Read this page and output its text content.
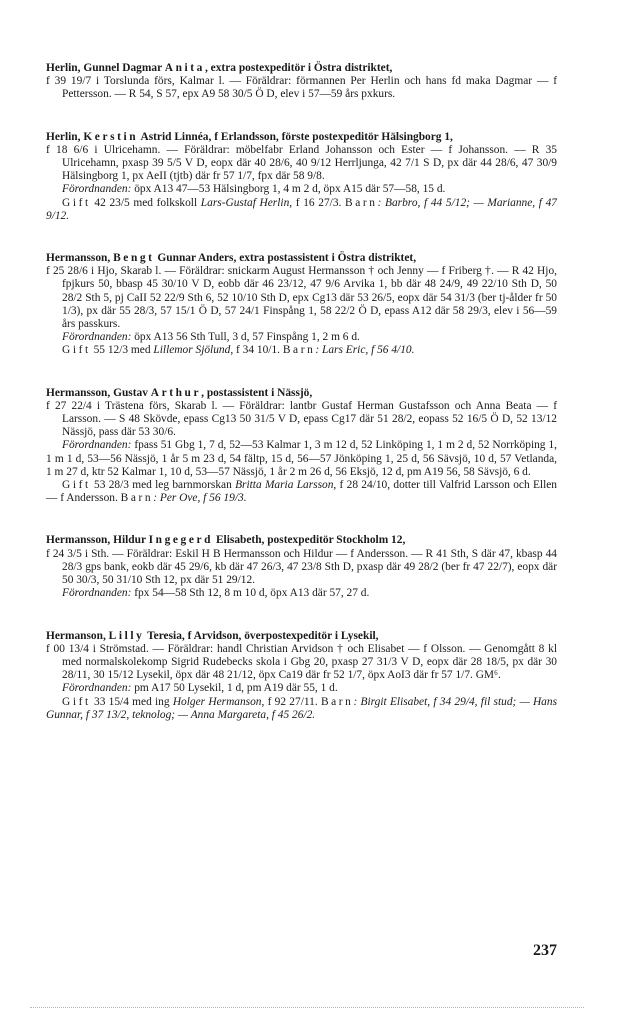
Herlin, Gunnel Dagmar Anita, extra postexpeditör i Östra distriktet,

f 39 19/7 i Torslunda förs, Kalmar l. — Föräldrar: förmannen Per Herlin och hans fd maka Dagmar — f Pettersson. — R 54, S 57, epx A9 58 30/5 Ö D, elev i 57—59 års pxkurs.

Herlin, Kerstin Astrid Linnéa, f Erlandsson, förste postexpeditör Hälsingborg 1,

f 18 6/6 i Ulricehamn. — Föräldrar: möbelfabr Erland Johansson och Ester — f Johansson. — R 35 Ulricehamn, pxasp 39 5/5 V D, eopx där 40 28/6, 40 9/12 Herrljunga, 42 7/1 S D, px där 44 28/6, 47 30/9 Hälsingborg 1, px AeII (tjtb) där fr 57 1/7, fpx där 58 9/8.

Förordnanden: öpx A13 47—53 Hälsingborg 1, 4 m 2 d, öpx A15 där 57—58, 15 d.

Gift 42 23/5 med folkskoll Lars-Gustaf Herlin, f 16 27/3. Barn: Barbro, f 44 5/12; — Marianne, f 47 9/12.

Hermansson, Bengt Gunnar Anders, extra postassistent i Östra distriktet,

f 25 28/6 i Hjo, Skarab l. — Föräldrar: snickarm August Hermansson † och Jenny — f Friberg †. — R 42 Hjo, fpjkurs 50, bbasp 45 30/10 V D, eobb där 46 23/12, 47 9/6 Arvika 1, bb där 48 24/9, 49 22/10 Sth D, 50 28/2 Sth 5, pj CaII 52 22/9 Sth 6, 52 10/10 Sth D, epx Cg13 där 53 26/5, eopx där 54 31/3 (ber tj-ålder fr 50 1/3), px där 55 28/3, 57 15/1 Ö D, 57 24/1 Finspång 1, 58 22/2 Ö D, epass A12 där 58 29/3, elev i 56—59 års passkurs.

Förordnanden: öpx A13 56 Sth Tull, 3 d, 57 Finspång 1, 2 m 6 d.

Gift 55 12/3 med Lillemor Sjölund, f 34 10/1. Barn: Lars Eric, f 56 4/10.

Hermansson, Gustav Arthur, postassistent i Nässjö,

f 27 22/4 i Trästena förs, Skarab l. — Föräldrar: lantbr Gustaf Herman Gustafsson och Anna Beata — f Larsson. — S 48 Skövde, epass Cg13 50 31/5 V D, epass Cg17 där 51 28/2, eopass 52 16/5 Ö D, 52 13/12 Nässjö, pass där 53 30/6.

Förordnanden: fpass 51 Gbg 1, 7 d, 52—53 Kalmar 1, 3 m 12 d, 52 Linköping 1, 1 m 2 d, 52 Norrköping 1, 1 m 1 d, 53—56 Nässjö, 1 år 5 m 23 d, 54 fältp, 15 d, 56—57 Jönköping 1, 25 d, 56 Sävsjö, 10 d, 57 Vetlanda, 1 m 27 d, ktr 52 Kalmar 1, 10 d, 53—57 Nässjö, 1 år 2 m 26 d, 56 Eksjö, 12 d, pm A19 56, 58 Sävsjö, 6 d.

Gift 53 28/3 med leg barnmorskan Britta Maria Larsson, f 28 24/10, dotter till Valfrid Larsson och Ellen — f Andersson. Barn: Per Ove, f 56 19/3.

Hermansson, Hildur Ingegerd Elisabeth, postexpeditör Stockholm 12,

f 24 3/5 i Sth. — Föräldrar: Eskil H B Hermansson och Hildur — f Andersson. — R 41 Sth, S där 47, kbasp 44 28/3 gps bank, eokb där 45 29/6, kb där 47 26/3, 47 23/8 Sth D, pxasp där 49 28/2 (ber fr 47 22/7), eopx där 50 30/3, 50 31/10 Sth 12, px där 51 29/12.

Förordnanden: fpx 54—58 Sth 12, 8 m 10 d, öpx A13 där 57, 27 d.

Hermanson, Lilly Teresia, f Arvidson, överpostexpeditör i Lysekil,

f 00 13/4 i Strömstad. — Föräldrar: handl Christian Arvidson † och Elisabet — f Olsson. — Genomgått 8 kl med normalskolekomp Sigrid Rudebecks skola i Gbg 20, pxasp 27 31/3 V D, eopx där 28 18/5, px där 30 28/11, 30 15/12 Lysekil, öpx där 48 21/12, öpx Ca19 där fr 52 1/7, öpx AoI3 där fr 57 1/7. GM⁶.

Förordnanden: pm A17 50 Lysekil, 1 d, pm A19 där 55, 1 d.

Gift 33 15/4 med ing Holger Hermanson, f 92 27/11. Barn: Birgit Elisabet, f 34 29/4, fil stud; — Hans Gunnar, f 37 13/2, teknolog; — Anna Margareta, f 45 26/2.

237
